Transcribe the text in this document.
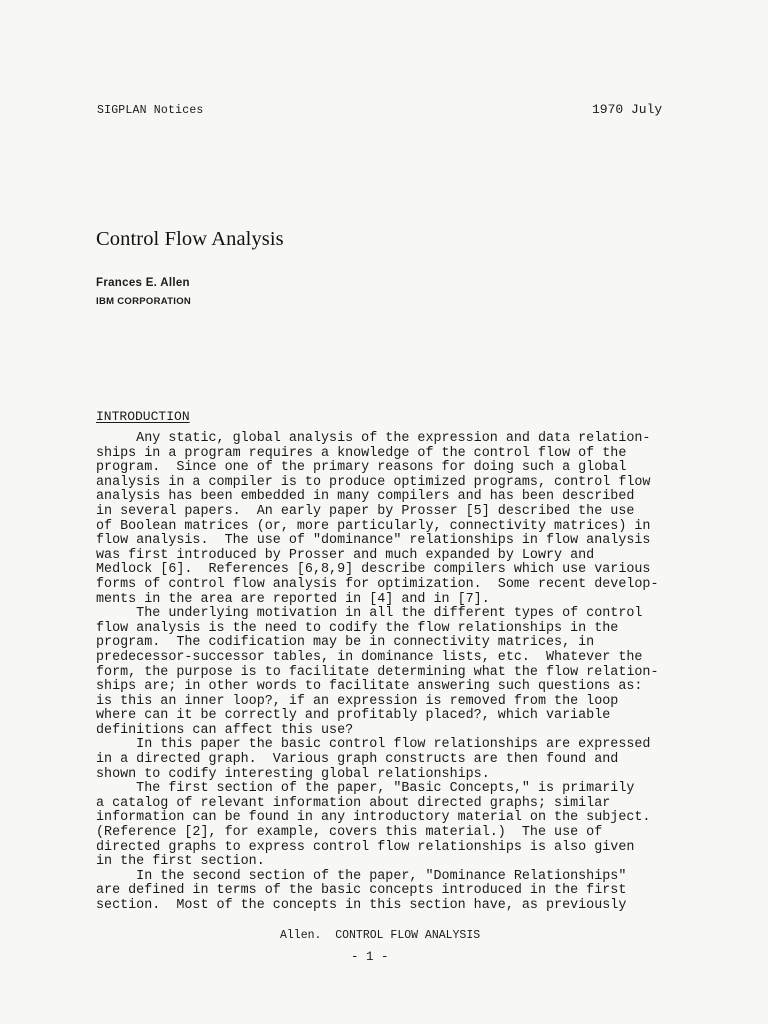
SIGPLAN Notices	1970 July
Control Flow Analysis
Frances E. Allen
IBM CORPORATION
INTRODUCTION
Any static, global analysis of the expression and data relation-
ships in a program requires a knowledge of the control flow of the
program.  Since one of the primary reasons for doing such a global
analysis in a compiler is to produce optimized programs, control flow
analysis has been embedded in many compilers and has been described
in several papers.  An early paper by Prosser [5] described the use
of Boolean matrices (or, more particularly, connectivity matrices) in
flow analysis.  The use of "dominance" relationships in flow analysis
was first introduced by Prosser and much expanded by Lowry and
Medlock [6].  References [6,8,9] describe compilers which use various
forms of control flow analysis for optimization.  Some recent develop-
ments in the area are reported in [4] and in [7].
The underlying motivation in all the different types of control
flow analysis is the need to codify the flow relationships in the
program.  The codification may be in connectivity matrices, in
predecessor-successor tables, in dominance lists, etc.  Whatever the
form, the purpose is to facilitate determining what the flow relation-
ships are; in other words to facilitate answering such questions as:
is this an inner loop?, if an expression is removed from the loop
where can it be correctly and profitably placed?, which variable
definitions can affect this use?
In this paper the basic control flow relationships are expressed
in a directed graph.  Various graph constructs are then found and
shown to codify interesting global relationships.
The first section of the paper, "Basic Concepts," is primarily
a catalog of relevant information about directed graphs; similar
information can be found in any introductory material on the subject.
(Reference [2], for example, covers this material.)  The use of
directed graphs to express control flow relationships is also given
in the first section.
In the second section of the paper, "Dominance Relationships"
are defined in terms of the basic concepts introduced in the first
section.  Most of the concepts in this section have, as previously
Allen.  CONTROL FLOW ANALYSIS
- 1 -
